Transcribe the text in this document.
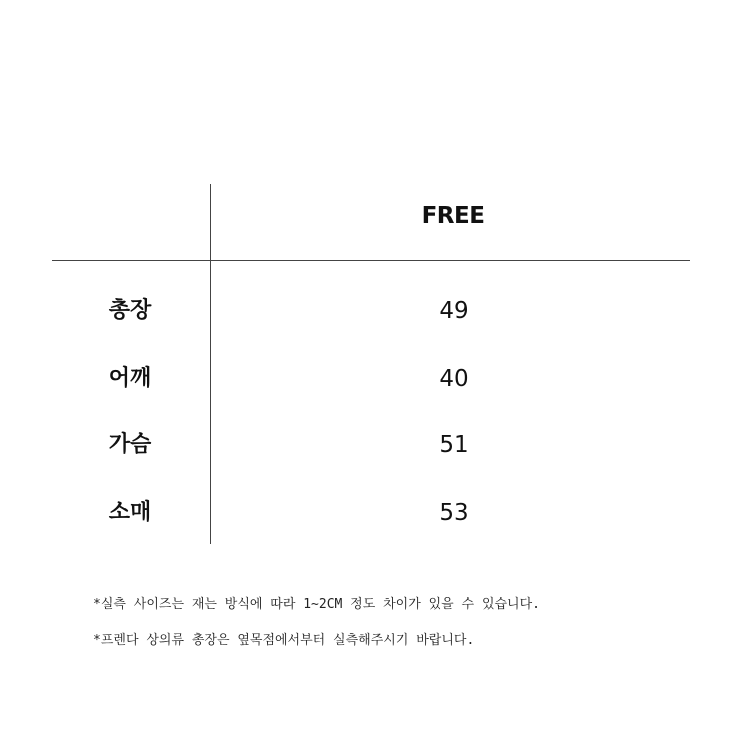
FREE
총장	49
어깨	40
가슴	51
소매	53
*실측 사이즈는 재는 방식에 따라 1~2CM 정도 차이가 있을 수 있습니다.
*프렌다 상의류 총장은 옆목점에서부터 실측해주시기 바랍니다.
